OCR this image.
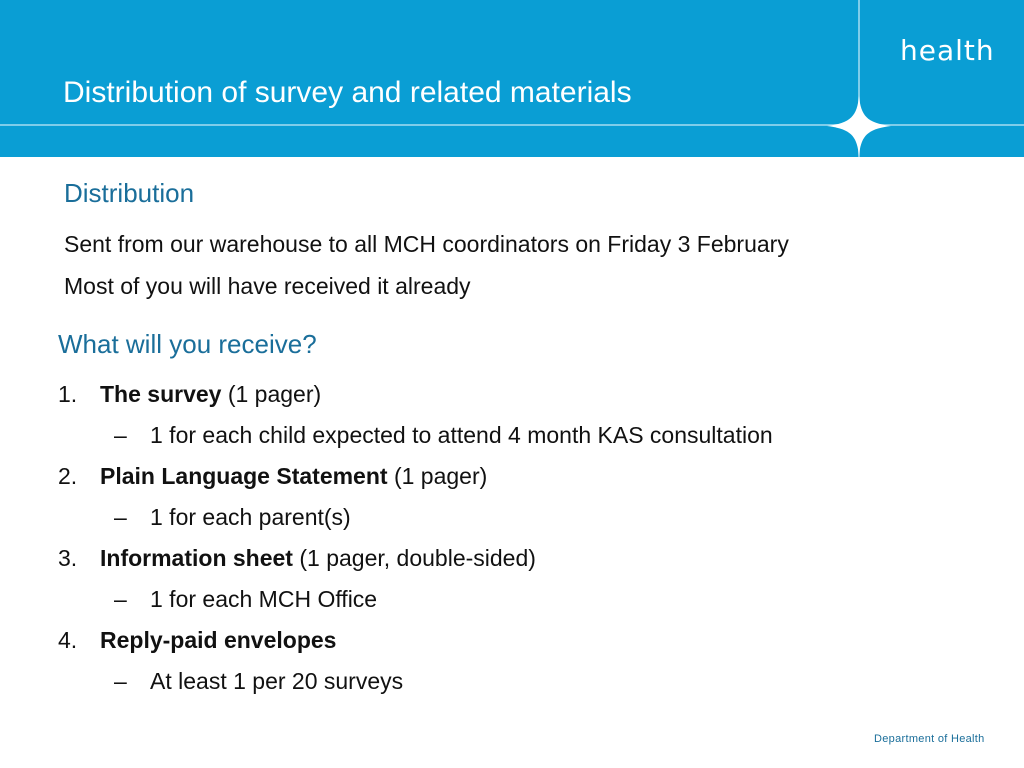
health
Distribution of survey and related materials
Distribution
Sent from our warehouse to all MCH coordinators on Friday 3 February
Most of you will have received it already
What will you receive?
1. The survey (1 pager)
– 1 for each child expected to attend 4 month KAS consultation
2. Plain Language Statement (1 pager)
– 1 for each parent(s)
3. Information sheet (1 pager, double-sided)
– 1 for each MCH Office
4. Reply-paid envelopes
– At least 1 per 20 surveys
Department of Health
